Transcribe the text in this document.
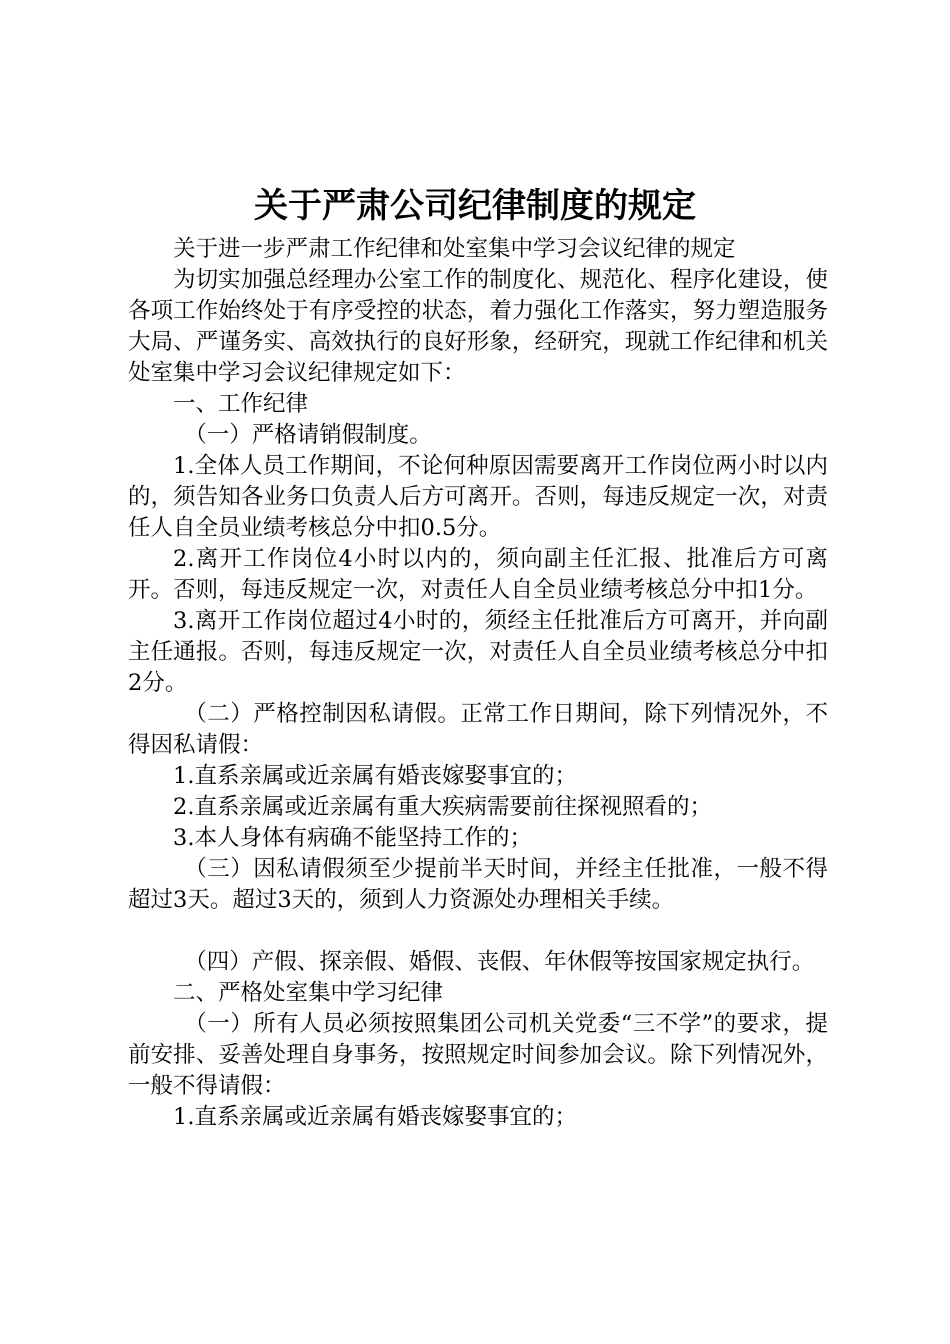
关于严肃公司纪律制度的规定

关于进一步严肃工作纪律和处室集中学习会议纪律的规定

为切实加强总经理办公室工作的制度化、规范化、程序化建设，使各项工作始终处于有序受控的状态，着力强化工作落实，努力塑造服务大局、严谨务实、高效执行的良好形象，经研究，现就工作纪律和机关处室集中学习会议纪律规定如下：

一、工作纪律

（一）严格请销假制度。

1.全体人员工作期间，不论何种原因需要离开工作岗位两小时以内的，须告知各业务口负责人后方可离开。否则，每违反规定一次，对责任人自全员业绩考核总分中扣0.5分。

2.离开工作岗位4小时以内的，须向副主任汇报、批准后方可离开。否则，每违反规定一次，对责任人自全员业绩考核总分中扣1分。

3.离开工作岗位超过4小时的，须经主任批准后方可离开，并向副主任通报。否则，每违反规定一次，对责任人自全员业绩考核总分中扣2分。

（二）严格控制因私请假。正常工作日期间，除下列情况外，不得因私请假：

1.直系亲属或近亲属有婚丧嫁娶事宜的；

2.直系亲属或近亲属有重大疾病需要前往探视照看的；

3.本人身体有病确不能坚持工作的；

（三）因私请假须至少提前半天时间，并经主任批准，一般不得超过3天。超过3天的，须到人力资源处办理相关手续。

（四）产假、探亲假、婚假、丧假、年休假等按国家规定执行。

二、严格处室集中学习纪律

（一）所有人员必须按照集团公司机关党委“三不学”的要求，提前安排、妥善处理自身事务，按照规定时间参加会议。除下列情况外，一般不得请假：

1.直系亲属或近亲属有婚丧嫁娶事宜的；
